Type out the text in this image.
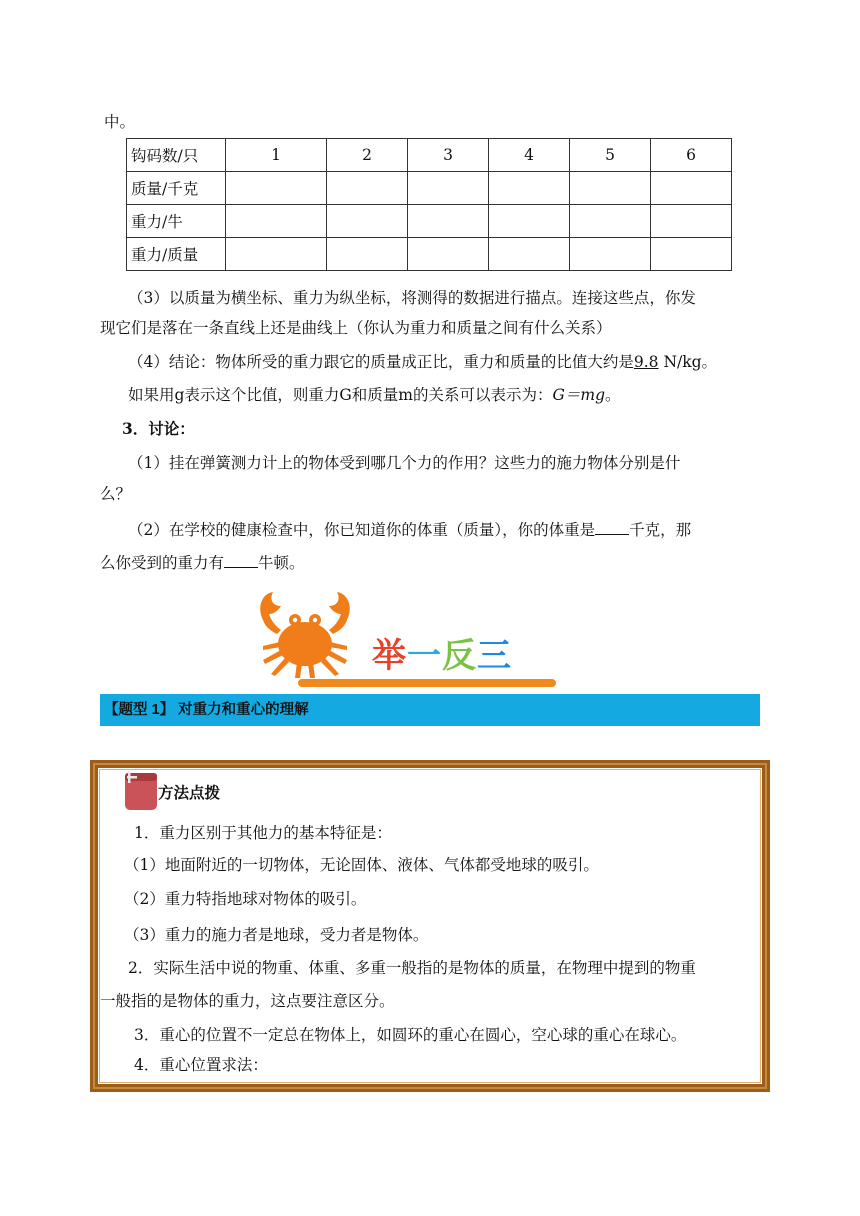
中。
钩码数/只	1	2	3	4	5	6
质量/千克						
重力/牛						
重力/质量						
（3）以质量为横坐标、重力为纵坐标，将测得的数据进行描点。连接这些点，你发
现它们是落在一条直线上还是曲线上（你认为重力和质量之间有什么关系）
（4）结论：物体所受的重力跟它的质量成正比，重力和质量的比值大约是9.8 N/kg。
如果用g表示这个比值，则重力G和质量m的关系可以表示为：G＝mg。
3．讨论：
（1）挂在弹簧测力计上的物体受到哪几个力的作用？这些力的施力物体分别是什
么？
（2）在学校的健康检查中，你已知道你的体重（质量），你的体重是 千克，那
么你受到的重力有 牛顿。
举一反三
【题型 1】 对重力和重心的理解
方法点拨
1．重力区别于其他力的基本特征是：
（1）地面附近的一切物体，无论固体、液体、气体都受地球的吸引。
（2）重力特指地球对物体的吸引。
（3）重力的施力者是地球，受力者是物体。
2．实际生活中说的物重、体重、多重一般指的是物体的质量，在物理中提到的物重
一般指的是物体的重力，这点要注意区分。
3．重心的位置不一定总在物体上，如圆环的重心在圆心，空心球的重心在球心。
4．重心位置求法：
